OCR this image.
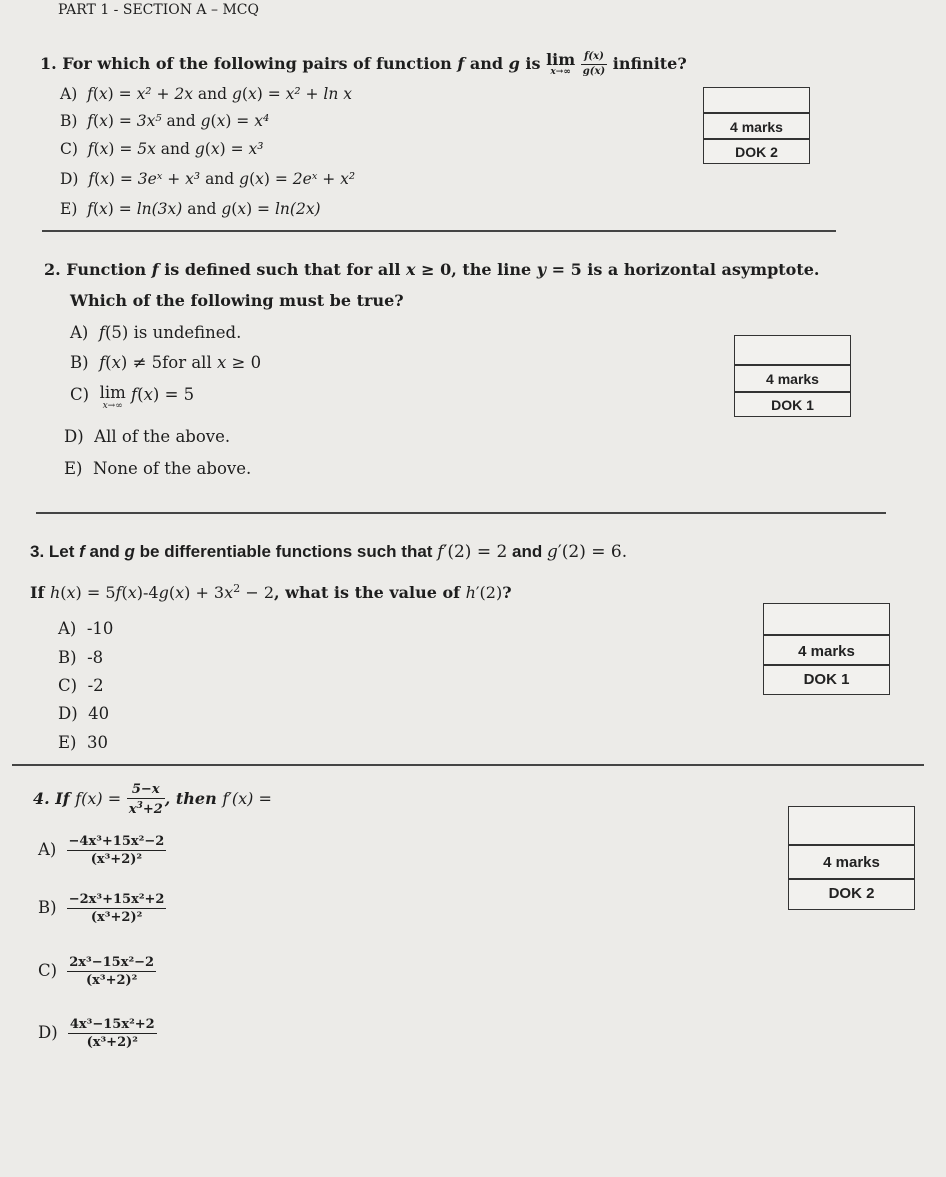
PART 1 - SECTION A – MCQ
1. For which of the following pairs of function f and g is lim
x→∞
$\frac{f(x)}{g(x)}$ infinite?
A) f(x) = x² + 2x and g(x) = x² + ln x
B) f(x) = 3x⁵ and g(x) = x⁴
C) f(x) = 5x and g(x) = x³
D) f(x) = 3eˣ + x³ and g(x) = 2eˣ + x²
E) f(x) = ln(3x) and g(x) = ln(2x)
4 marks
DOK 2
2. Function f is defined such that for all x ≥ 0, the line y = 5 is a horizontal asymptote.
Which of the following must be true?
A) f(5) is undefined.
B) f(x) ≠ 5for all x ≥ 0
C) lim
x→∞
f(x) = 5
D) All of the above.
E) None of the above.
4 marks
DOK 1
3. Let f and g be differentiable functions such that f′(2) = 2 and g′(2) = 6.
If h(x) = 5f(x)‑4g(x) + $3x^2 - 2$, what is the value of h′(2)?
A) -10
B) -8
C) -2
D) 40
E) 30
4 marks
DOK 1
4. If $f(x) = \frac{5-x}{x^3+2}$ , then f′(x) =
$A) \frac{\text{−4x³+15x²−2}}{\text{(x³+2)²}}$
$B) \frac{\text{−2x³+15x²+2}}{\text{(x³+2)²}}$
$C) \frac{\text{2x³−15x²−2}}{\text{(x³+2)²}}$
$D) \frac{\text{4x³−15x²+2}}{\text{(x³+2)²}}$
4 marks
DOK 2
